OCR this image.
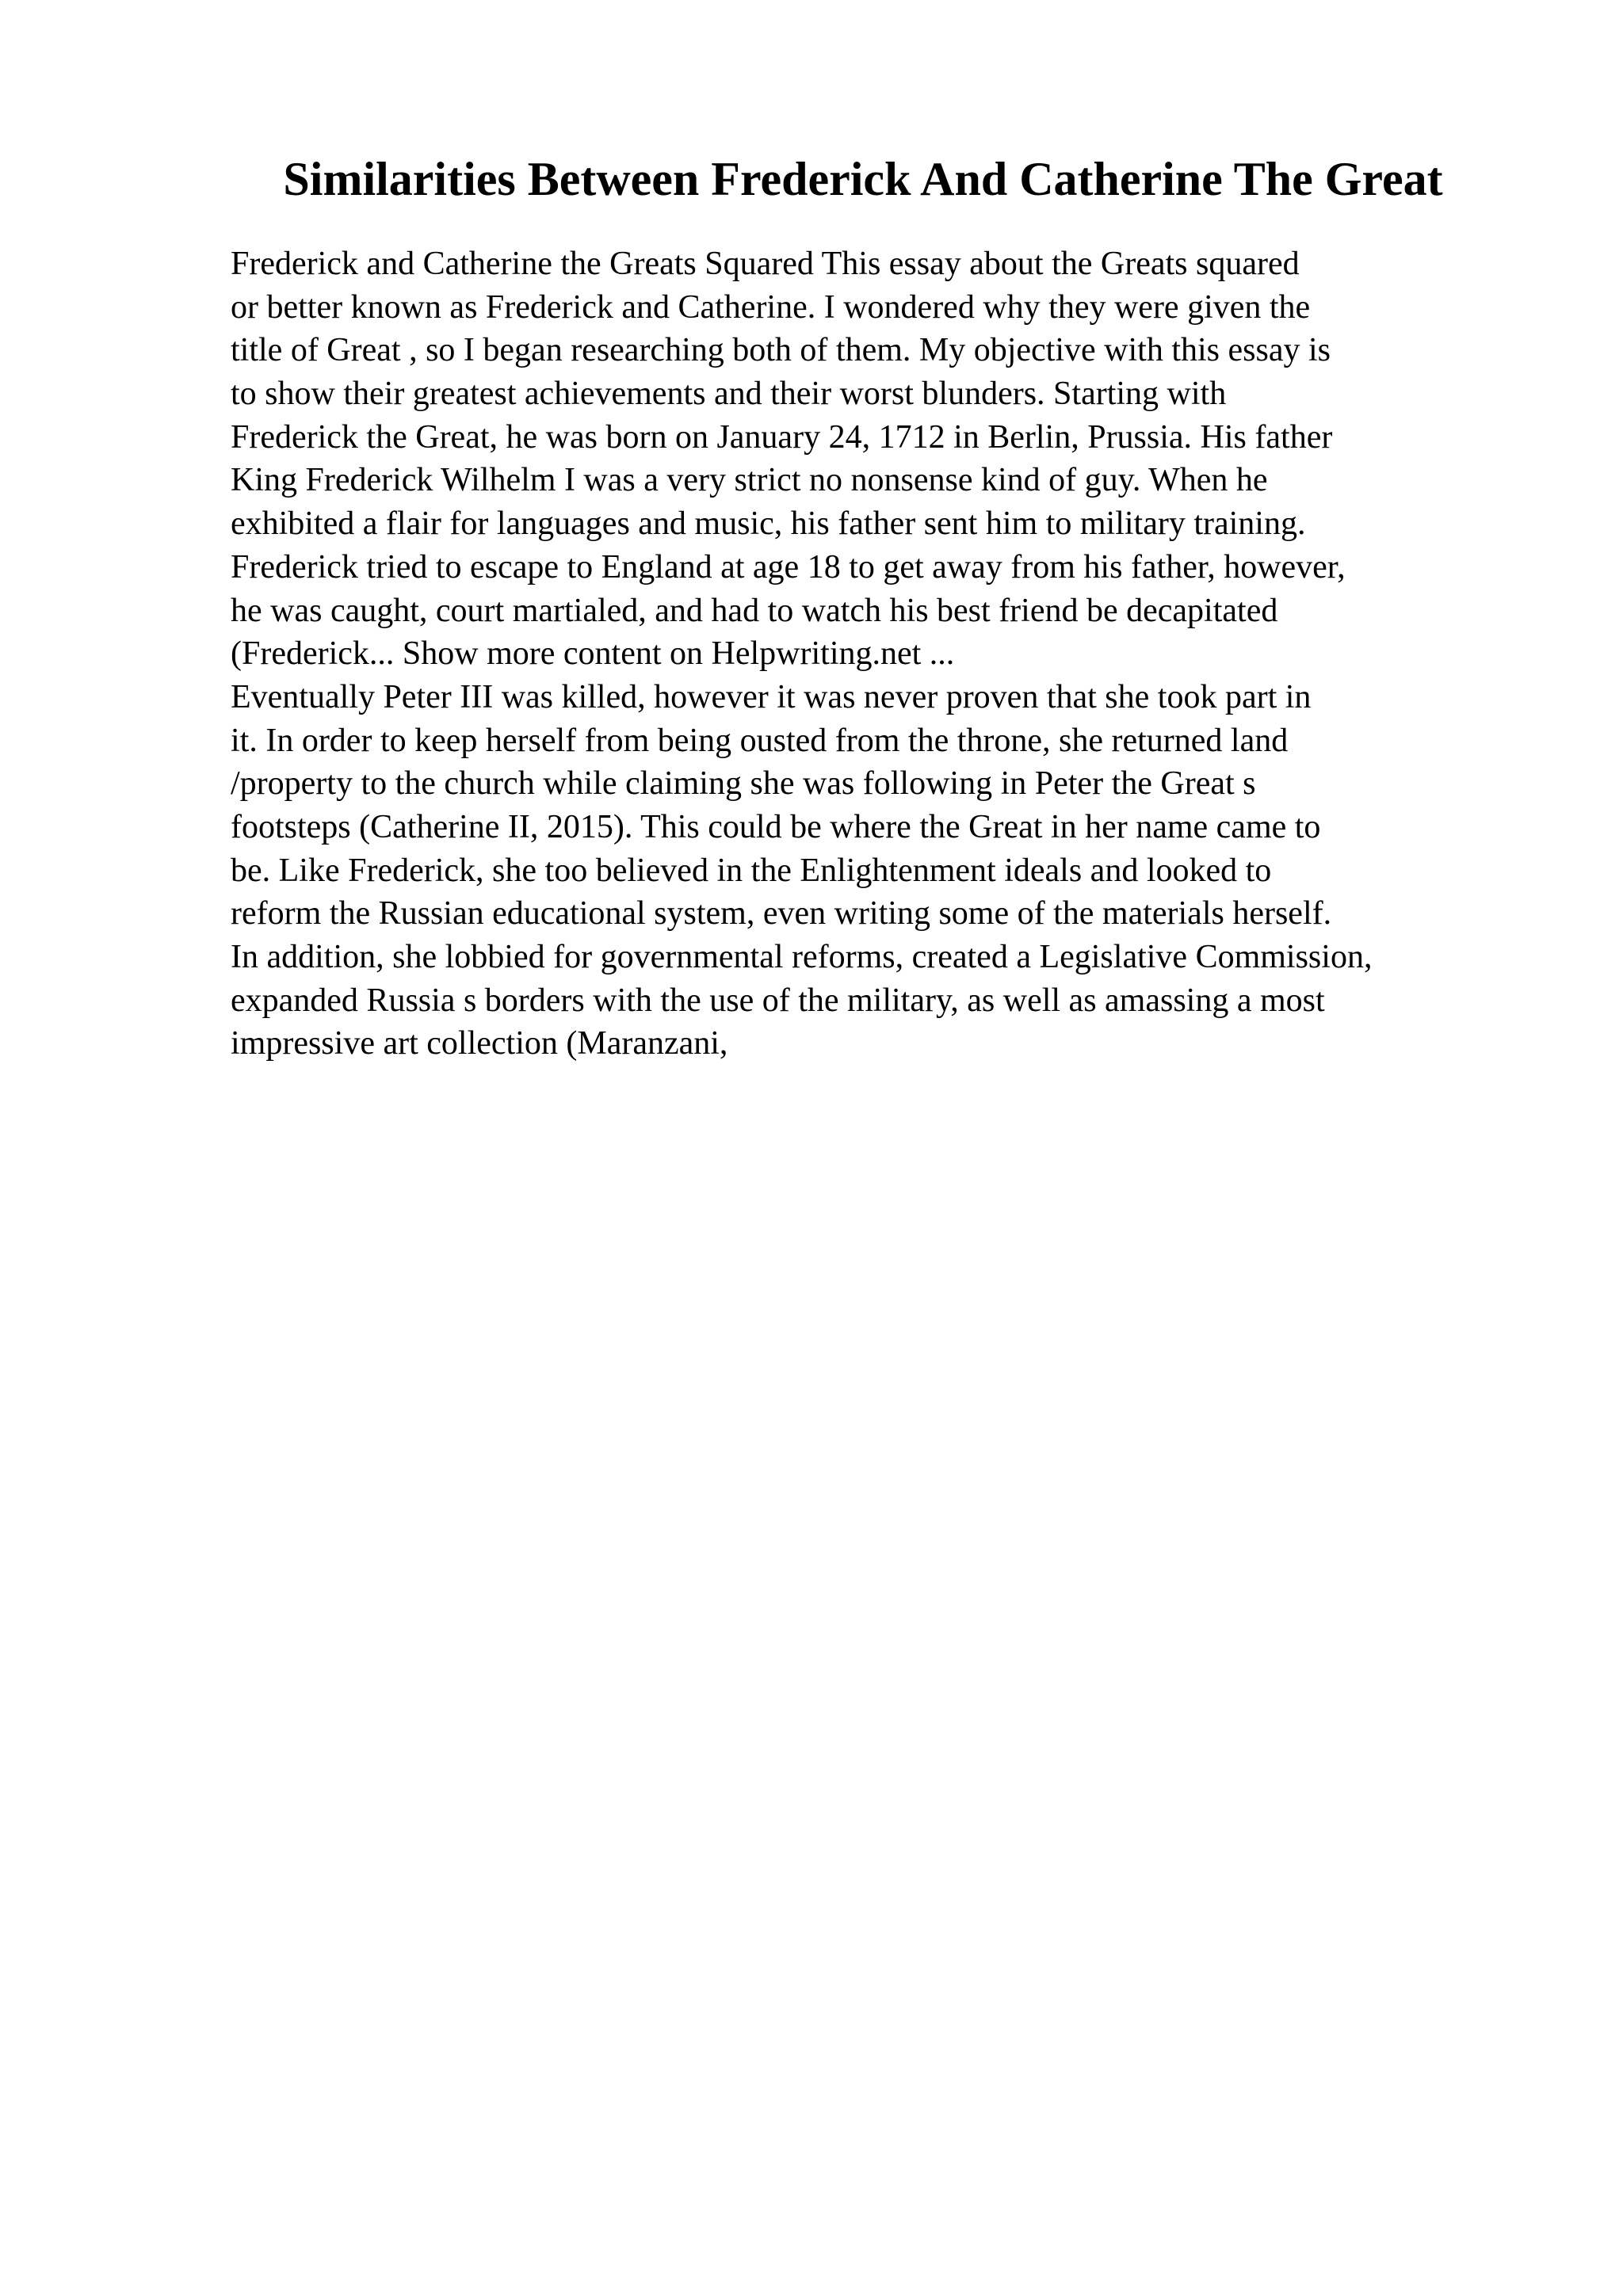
Similarities Between Frederick And Catherine The Great
Frederick and Catherine the Greats Squared This essay about the Greats squared
or better known as Frederick and Catherine. I wondered why they were given the
title of Great , so I began researching both of them. My objective with this essay is
to show their greatest achievements and their worst blunders. Starting with
Frederick the Great, he was born on January 24, 1712 in Berlin, Prussia. His father
King Frederick Wilhelm I was a very strict no nonsense kind of guy. When he
exhibited a flair for languages and music, his father sent him to military training.
Frederick tried to escape to England at age 18 to get away from his father, however,
he was caught, court martialed, and had to watch his best friend be decapitated
(Frederick... Show more content on Helpwriting.net ...
Eventually Peter III was killed, however it was never proven that she took part in
it. In order to keep herself from being ousted from the throne, she returned land
/property to the church while claiming she was following in Peter the Great s
footsteps (Catherine II, 2015). This could be where the Great in her name came to
be. Like Frederick, she too believed in the Enlightenment ideals and looked to
reform the Russian educational system, even writing some of the materials herself.
In addition, she lobbied for governmental reforms, created a Legislative Commission,
expanded Russia s borders with the use of the military, as well as amassing a most
impressive art collection (Maranzani,
